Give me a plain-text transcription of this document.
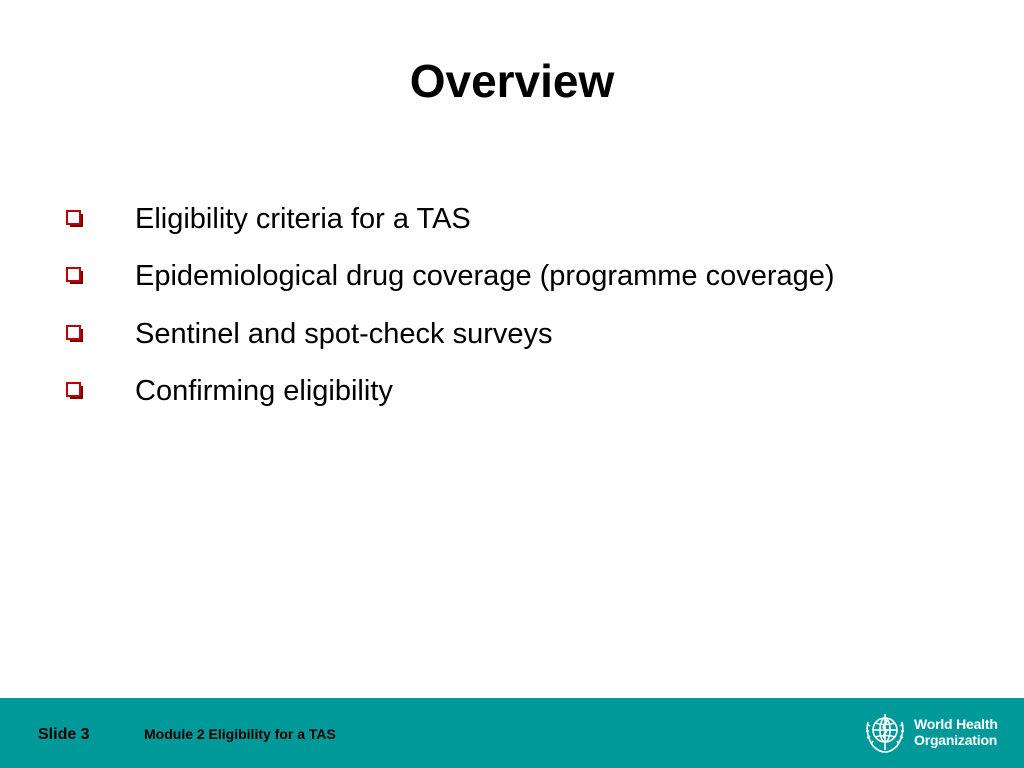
Overview
Eligibility criteria for a TAS
Epidemiological drug coverage (programme coverage)
Sentinel and spot-check surveys
Confirming eligibility
Slide 3	Module 2 Eligibility for a TAS
World Health
Organization
